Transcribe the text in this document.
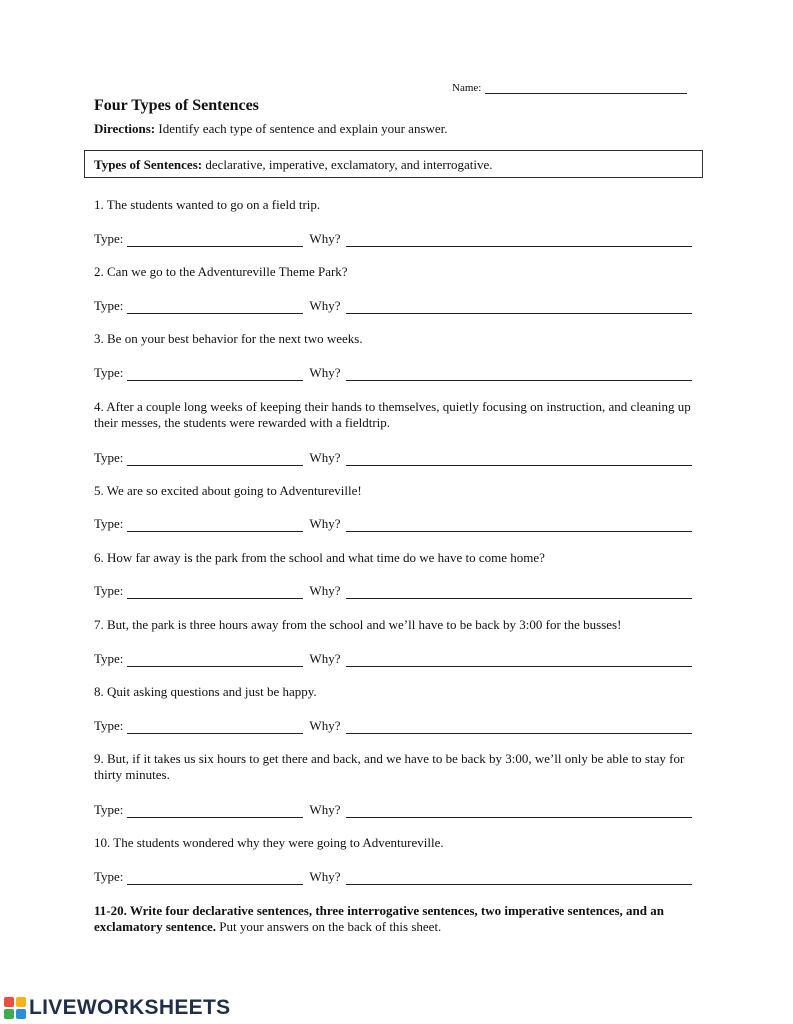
Name:
Four Types of Sentences
Directions: Identify each type of sentence and explain your answer.
Types of Sentences: declarative, imperative, exclamatory, and interrogative.
1. The students wanted to go on a field trip.
Type:	Why?
2. Can we go to the Adventureville Theme Park?
Type:	Why?
3. Be on your best behavior for the next two weeks.
Type:	Why?
4. After a couple long weeks of keeping their hands to themselves, quietly focusing on instruction, and cleaning up their messes, the students were rewarded with a fieldtrip.
Type:	Why?
5. We are so excited about going to Adventureville!
Type:	Why?
6. How far away is the park from the school and what time do we have to come home?
Type:	Why?
7. But, the park is three hours away from the school and we’ll have to be back by 3:00 for the busses!
Type:	Why?
8. Quit asking questions and just be happy.
Type:	Why?
9. But, if it takes us six hours to get there and back, and we have to be back by 3:00, we’ll only be able to stay for thirty minutes.
Type:	Why?
10. The students wondered why they were going to Adventureville.
Type:	Why?
11-20. Write four declarative sentences, three interrogative sentences, two imperative sentences, and an exclamatory sentence. Put your answers on the back of this sheet.
LIVEWORKSHEETS
